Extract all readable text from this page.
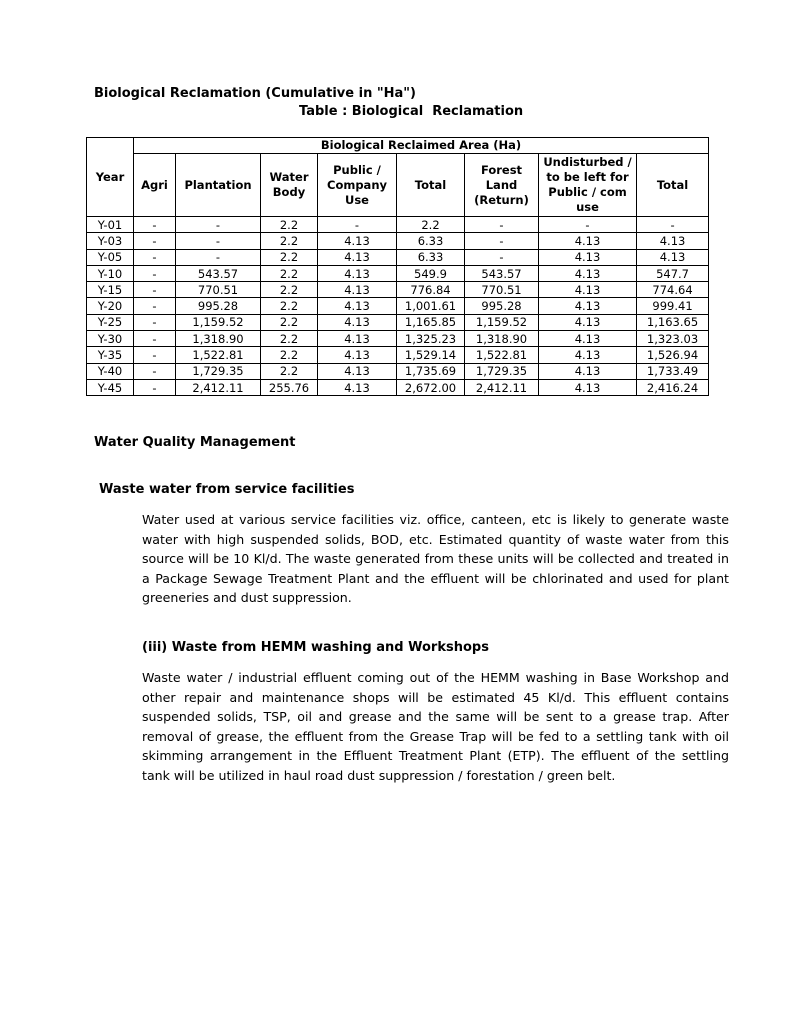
Biological Reclamation (Cumulative in "Ha")
Table : Biological  Reclamation
Year	Biological Reclaimed Area (Ha)							
	Agri	Plantation	Water Body	Public / Company Use	Total	Forest Land (Return)	Undisturbed / to be left for Public / com use	Total
Y-01	-	-	2.2	-	2.2	-	-	-
Y-03	-	-	2.2	4.13	6.33	-	4.13	4.13
Y-05	-	-	2.2	4.13	6.33	-	4.13	4.13
Y-10	-	543.57	2.2	4.13	549.9	543.57	4.13	547.7
Y-15	-	770.51	2.2	4.13	776.84	770.51	4.13	774.64
Y-20	-	995.28	2.2	4.13	1,001.61	995.28	4.13	999.41
Y-25	-	1,159.52	2.2	4.13	1,165.85	1,159.52	4.13	1,163.65
Y-30	-	1,318.90	2.2	4.13	1,325.23	1,318.90	4.13	1,323.03
Y-35	-	1,522.81	2.2	4.13	1,529.14	1,522.81	4.13	1,526.94
Y-40	-	1,729.35	2.2	4.13	1,735.69	1,729.35	4.13	1,733.49
Y-45	-	2,412.11	255.76	4.13	2,672.00	2,412.11	4.13	2,416.24
Water Quality Management
Waste water from service facilities
Water used at various service facilities viz. office, canteen, etc is likely to generate waste water with high suspended solids, BOD, etc. Estimated quantity of waste water from this source will be 10 Kl/d. The waste generated from these units will be collected and treated in a Package Sewage Treatment Plant and the effluent will be chlorinated and used for plant greeneries and dust suppression.
(iii) Waste from HEMM washing and Workshops
Waste water / industrial effluent coming out of the HEMM washing in Base Workshop and other repair and maintenance shops will be estimated 45 Kl/d. This effluent contains suspended solids, TSP, oil and grease and the same will be sent to a grease trap. After removal of grease, the effluent from the Grease Trap will be fed to a settling tank with oil skimming arrangement in the Effluent Treatment Plant (ETP). The effluent of the settling tank will be utilized in haul road dust suppression / forestation / green belt.
